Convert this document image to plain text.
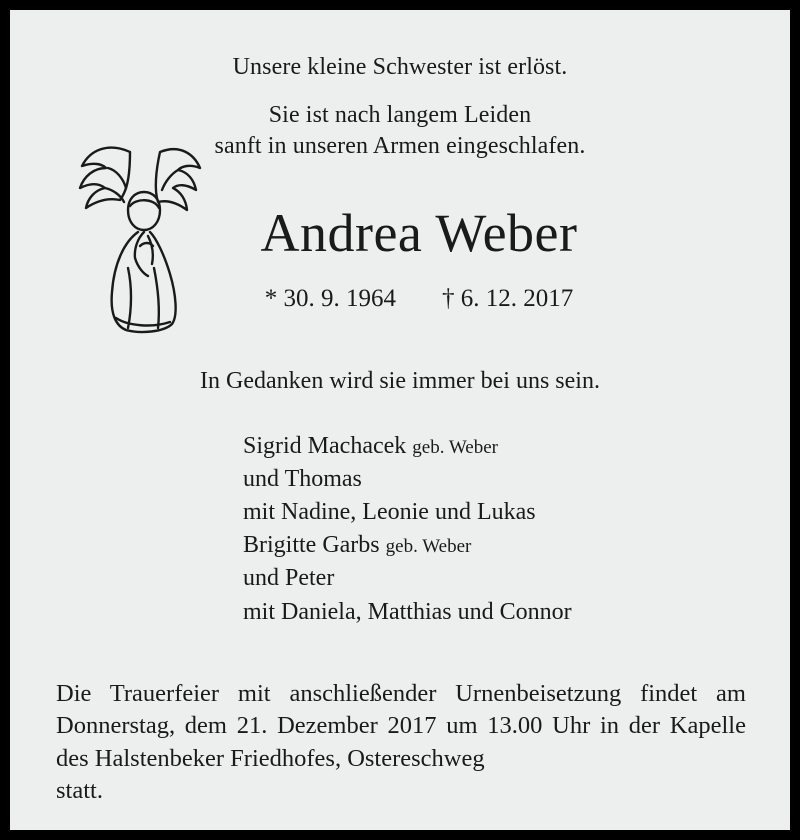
Unsere kleine Schwester ist erlöst.
Sie ist nach langem Leiden
sanft in unseren Armen eingeschlafen.
Andrea Weber
* 30. 9. 1964 † 6. 12. 2017
In Gedanken wird sie immer bei uns sein.
Sigrid Machacek geb. Weber
und Thomas
mit Nadine, Leonie und Lukas
Brigitte Garbs geb. Weber
und Peter
mit Daniela, Matthias und Connor
Die Trauerfeier mit anschließender Urnenbeisetzung findet am Donnerstag, dem 21. Dezember 2017 um 13.00 Uhr in der Kapelle des Halstenbeker Friedhofes, Ostereschweg
statt.
